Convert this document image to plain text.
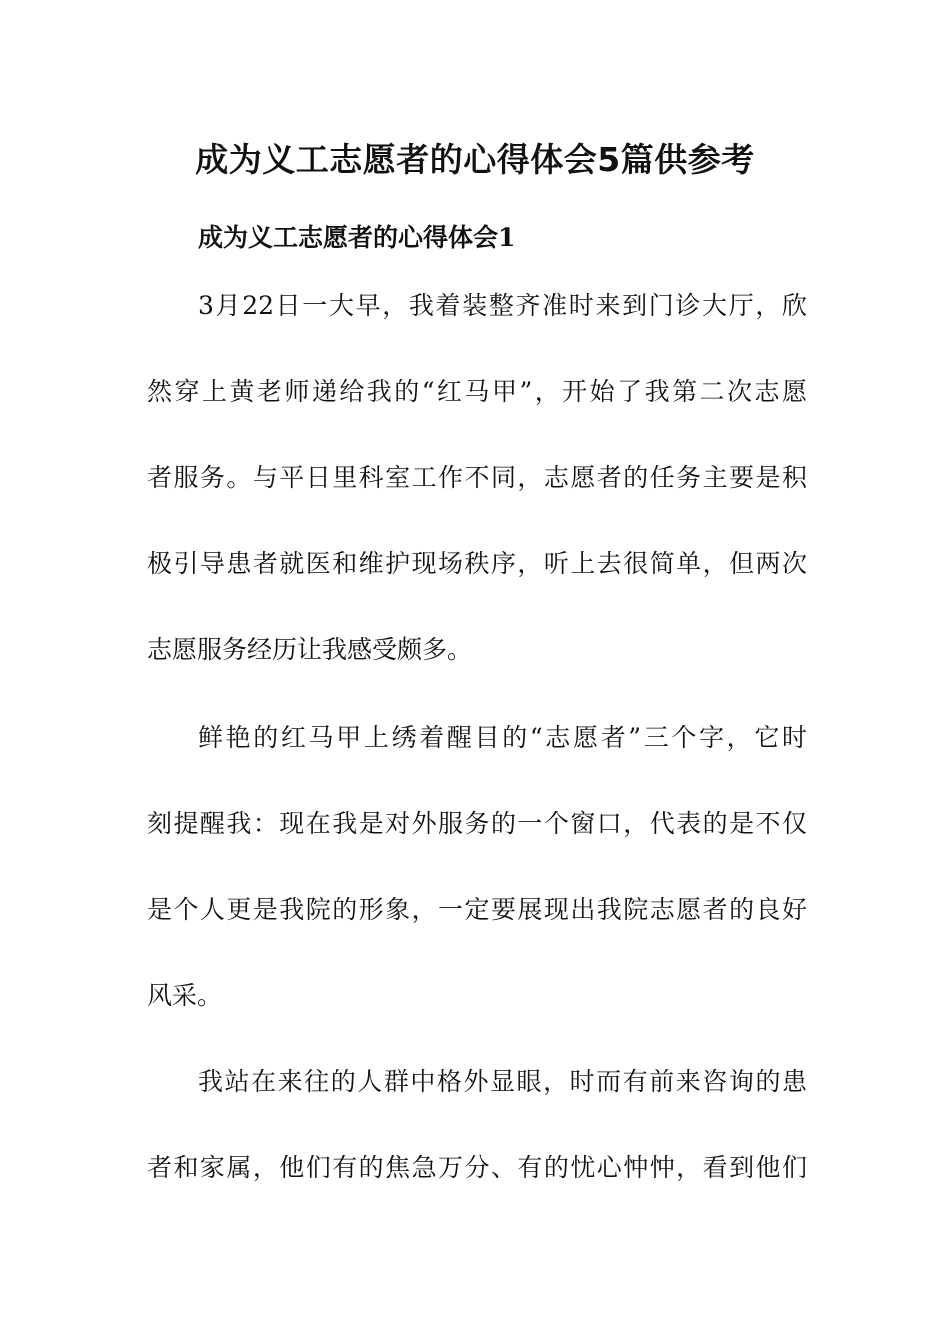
成为义工志愿者的心得体会5篇供参考
成为义工志愿者的心得体会1
3月22日一大早，我着装整齐准时来到门诊大厅，欣
然穿上黄老师递给我的“红马甲”，开始了我第二次志愿
者服务。与平日里科室工作不同，志愿者的任务主要是积
极引导患者就医和维护现场秩序，听上去很简单，但两次
志愿服务经历让我感受颇多。
鲜艳的红马甲上绣着醒目的“志愿者”三个字，它时
刻提醒我：现在我是对外服务的一个窗口，代表的是不仅
是个人更是我院的形象，一定要展现出我院志愿者的良好
风采。
我站在来往的人群中格外显眼，时而有前来咨询的患
者和家属，他们有的焦急万分、有的忧心忡忡，看到他们
